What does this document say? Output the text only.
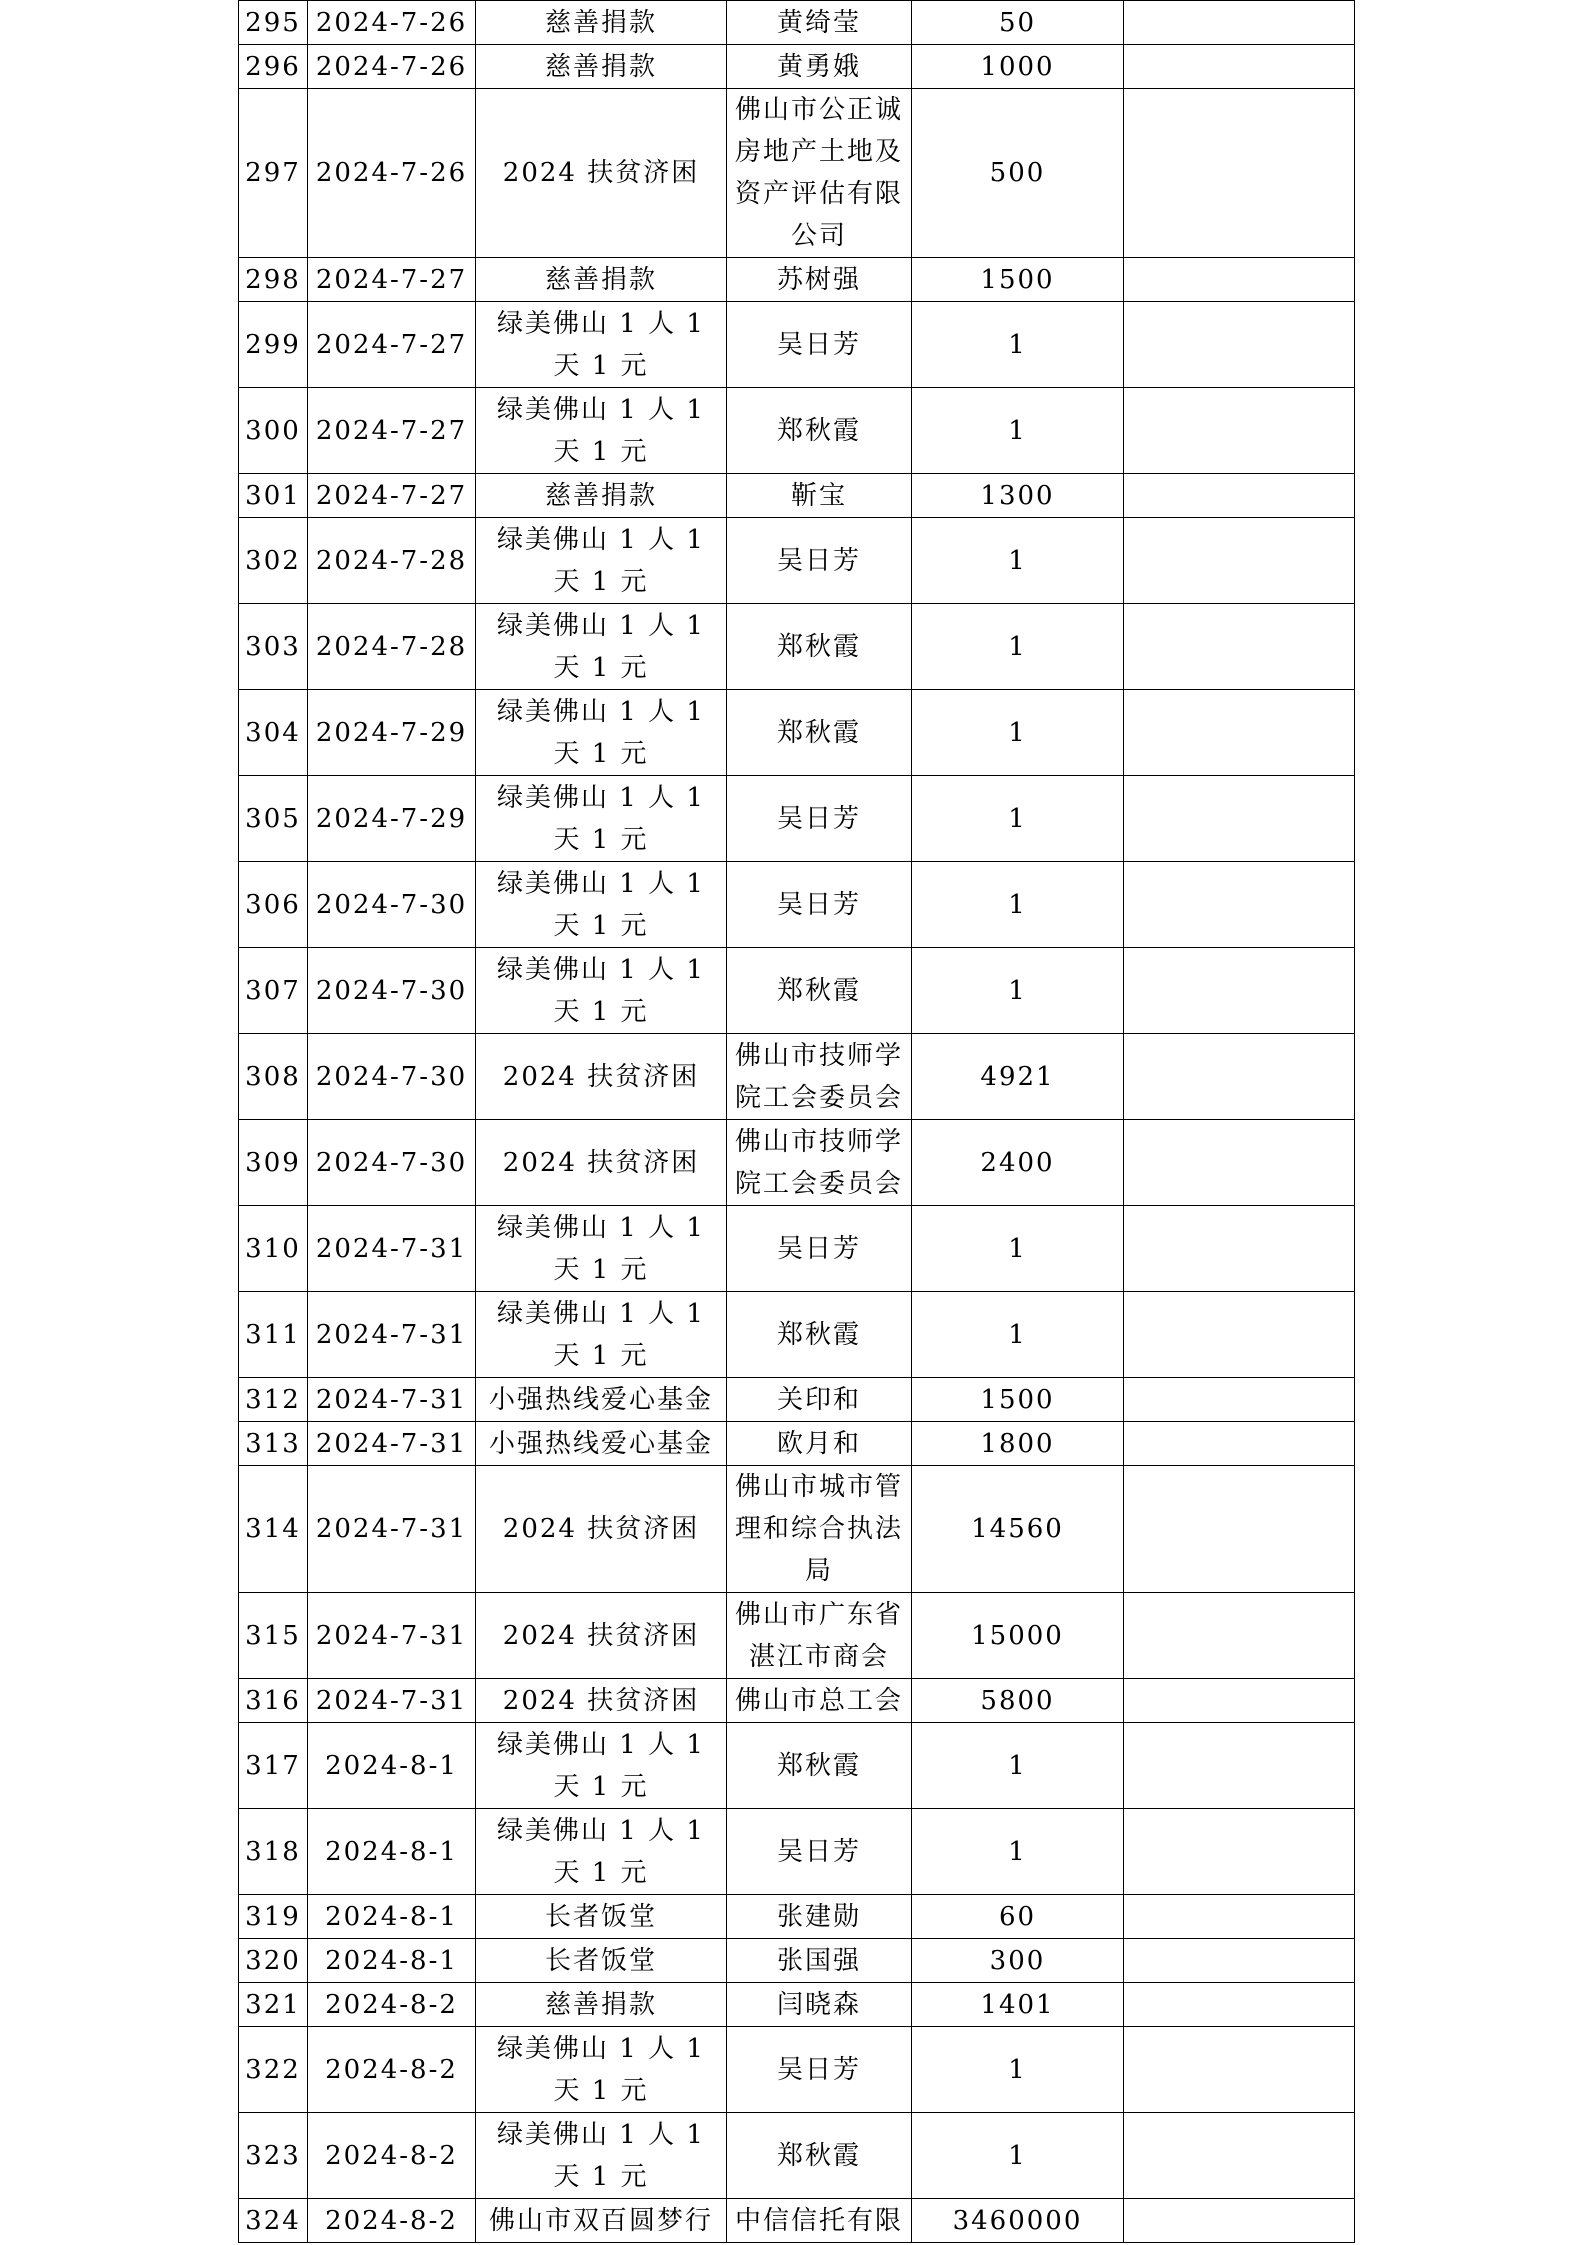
295	2024-7-26	慈善捐款	黄绮莹	50	
296	2024-7-26	慈善捐款	黄勇娥	1000	
297	2024-7-26	2024 扶贫济困	佛山市公正诚房地产土地及资产评估有限公司	500	
298	2024-7-27	慈善捐款	苏树强	1500	
299	2024-7-27	绿美佛山 1 人 1 天 1 元	吴日芳	1	
300	2024-7-27	绿美佛山 1 人 1 天 1 元	郑秋霞	1	
301	2024-7-27	慈善捐款	靳宝	1300	
302	2024-7-28	绿美佛山 1 人 1 天 1 元	吴日芳	1	
303	2024-7-28	绿美佛山 1 人 1 天 1 元	郑秋霞	1	
304	2024-7-29	绿美佛山 1 人 1 天 1 元	郑秋霞	1	
305	2024-7-29	绿美佛山 1 人 1 天 1 元	吴日芳	1	
306	2024-7-30	绿美佛山 1 人 1 天 1 元	吴日芳	1	
307	2024-7-30	绿美佛山 1 人 1 天 1 元	郑秋霞	1	
308	2024-7-30	2024 扶贫济困	佛山市技师学院工会委员会	4921	
309	2024-7-30	2024 扶贫济困	佛山市技师学院工会委员会	2400	
310	2024-7-31	绿美佛山 1 人 1 天 1 元	吴日芳	1	
311	2024-7-31	绿美佛山 1 人 1 天 1 元	郑秋霞	1	
312	2024-7-31	小强热线爱心基金	关印和	1500	
313	2024-7-31	小强热线爱心基金	欧月和	1800	
314	2024-7-31	2024 扶贫济困	佛山市城市管理和综合执法局	14560	
315	2024-7-31	2024 扶贫济困	佛山市广东省湛江市商会	15000	
316	2024-7-31	2024 扶贫济困	佛山市总工会	5800	
317	2024-8-1	绿美佛山 1 人 1 天 1 元	郑秋霞	1	
318	2024-8-1	绿美佛山 1 人 1 天 1 元	吴日芳	1	
319	2024-8-1	长者饭堂	张建勋	60	
320	2024-8-1	长者饭堂	张国强	300	
321	2024-8-2	慈善捐款	闫晓森	1401	
322	2024-8-2	绿美佛山 1 人 1 天 1 元	吴日芳	1	
323	2024-8-2	绿美佛山 1 人 1 天 1 元	郑秋霞	1	
324	2024-8-2	佛山市双百圆梦行	中信信托有限	3460000	
